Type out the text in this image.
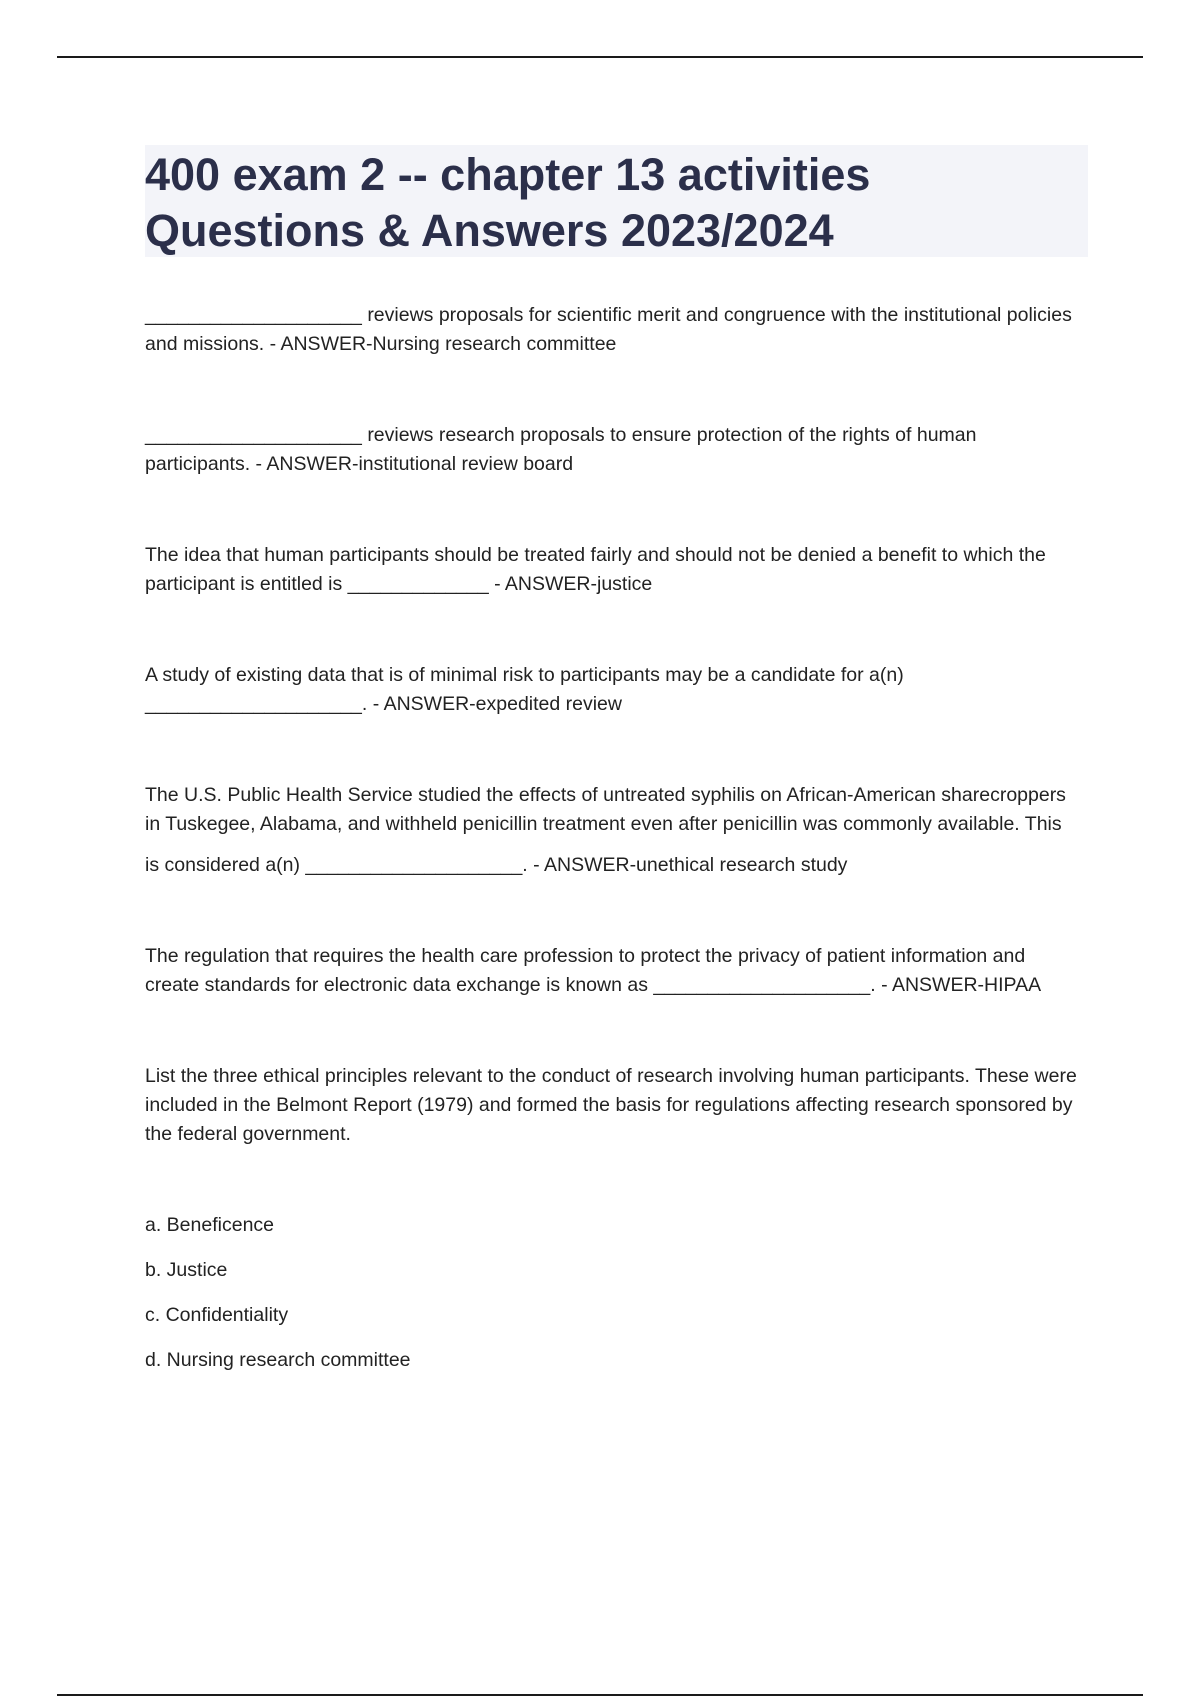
400 exam 2 -- chapter 13 activities
Questions & Answers 2023/2024

____________________ reviews proposals for scientific merit and congruence with the institutional policies and missions. - ANSWER-Nursing research committee

____________________ reviews research proposals to ensure protection of the rights of human participants. - ANSWER-institutional review board

The idea that human participants should be treated fairly and should not be denied a benefit to which the participant is entitled is _____________ - ANSWER-justice

A study of existing data that is of minimal risk to participants may be a candidate for a(n) ____________________. - ANSWER-expedited review

The U.S. Public Health Service studied the effects of untreated syphilis on African-American sharecroppers in Tuskegee, Alabama, and withheld penicillin treatment even after penicillin was commonly available. This

is considered a(n) ____________________. - ANSWER-unethical research study

The regulation that requires the health care profession to protect the privacy of patient information and create standards for electronic data exchange is known as ____________________. - ANSWER-HIPAA

List the three ethical principles relevant to the conduct of research involving human participants. These were included in the Belmont Report (1979) and formed the basis for regulations affecting research sponsored by the federal government.

a. Beneficence

b. Justice

c. Confidentiality

d. Nursing research committee
